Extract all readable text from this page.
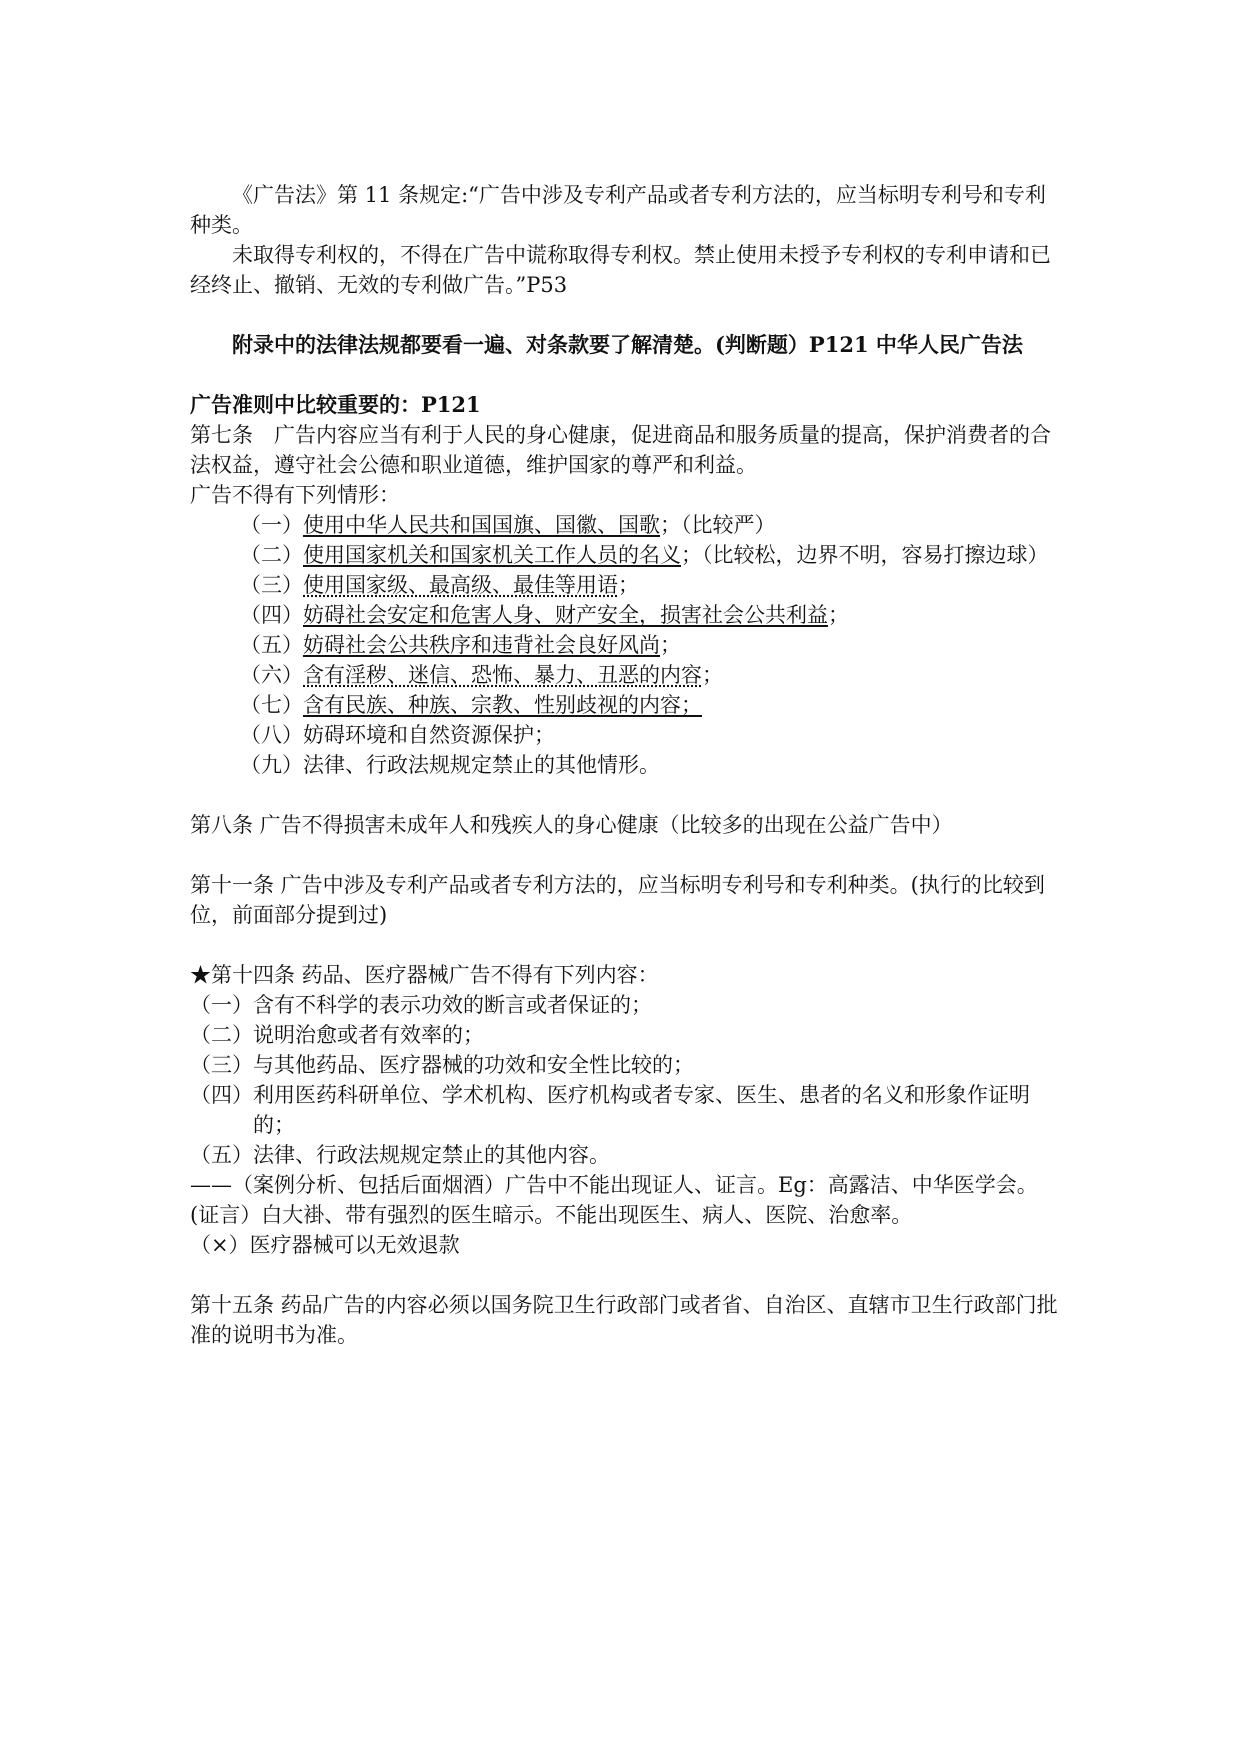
《广告法》第 11 条规定:“广告中涉及专利产品或者专利方法的，应当标明专利号和专利种类。

未取得专利权的，不得在广告中谎称取得专利权。禁止使用未授予专利权的专利申请和已经终止、撤销、无效的专利做广告。”P53

附录中的法律法规都要看一遍、对条款要了解清楚。(判断题）P121 中华人民广告法

广告准则中比较重要的：P121

第七条　广告内容应当有利于人民的身心健康，促进商品和服务质量的提高，保护消费者的合法权益，遵守社会公德和职业道德，维护国家的尊严和利益。

广告不得有下列情形：

（一）使用中华人民共和国国旗、国徽、国歌；（比较严）

（二）使用国家机关和国家机关工作人员的名义；（比较松，边界不明，容易打擦边球）

（三）使用国家级、最高级、最佳等用语；

（四）妨碍社会安定和危害人身、财产安全，损害社会公共利益；

（五）妨碍社会公共秩序和违背社会良好风尚；

（六）含有淫秽、迷信、恐怖、暴力、丑恶的内容；

（七）含有民族、种族、宗教、性别歧视的内容；

（八）妨碍环境和自然资源保护；

（九）法律、行政法规规定禁止的其他情形。

第八条 广告不得损害未成年人和残疾人的身心健康（比较多的出现在公益广告中）

第十一条 广告中涉及专利产品或者专利方法的，应当标明专利号和专利种类。(执行的比较到位，前面部分提到过)

★第十四条 药品、医疗器械广告不得有下列内容：

（一）含有不科学的表示功效的断言或者保证的；

（二）说明治愈或者有效率的；

（三）与其他药品、医疗器械的功效和安全性比较的；

（四）利用医药科研单位、学术机构、医疗机构或者专家、医生、患者的名义和形象作证明的；

（五）法律、行政法规规定禁止的其他内容。

——（案例分析、包括后面烟酒）广告中不能出现证人、证言。Eg：高露洁、中华医学会。(证言）白大褂、带有强烈的医生暗示。不能出现医生、病人、医院、治愈率。

（×）医疗器械可以无效退款

第十五条 药品广告的内容必须以国务院卫生行政部门或者省、自治区、直辖市卫生行政部门批准的说明书为准。
